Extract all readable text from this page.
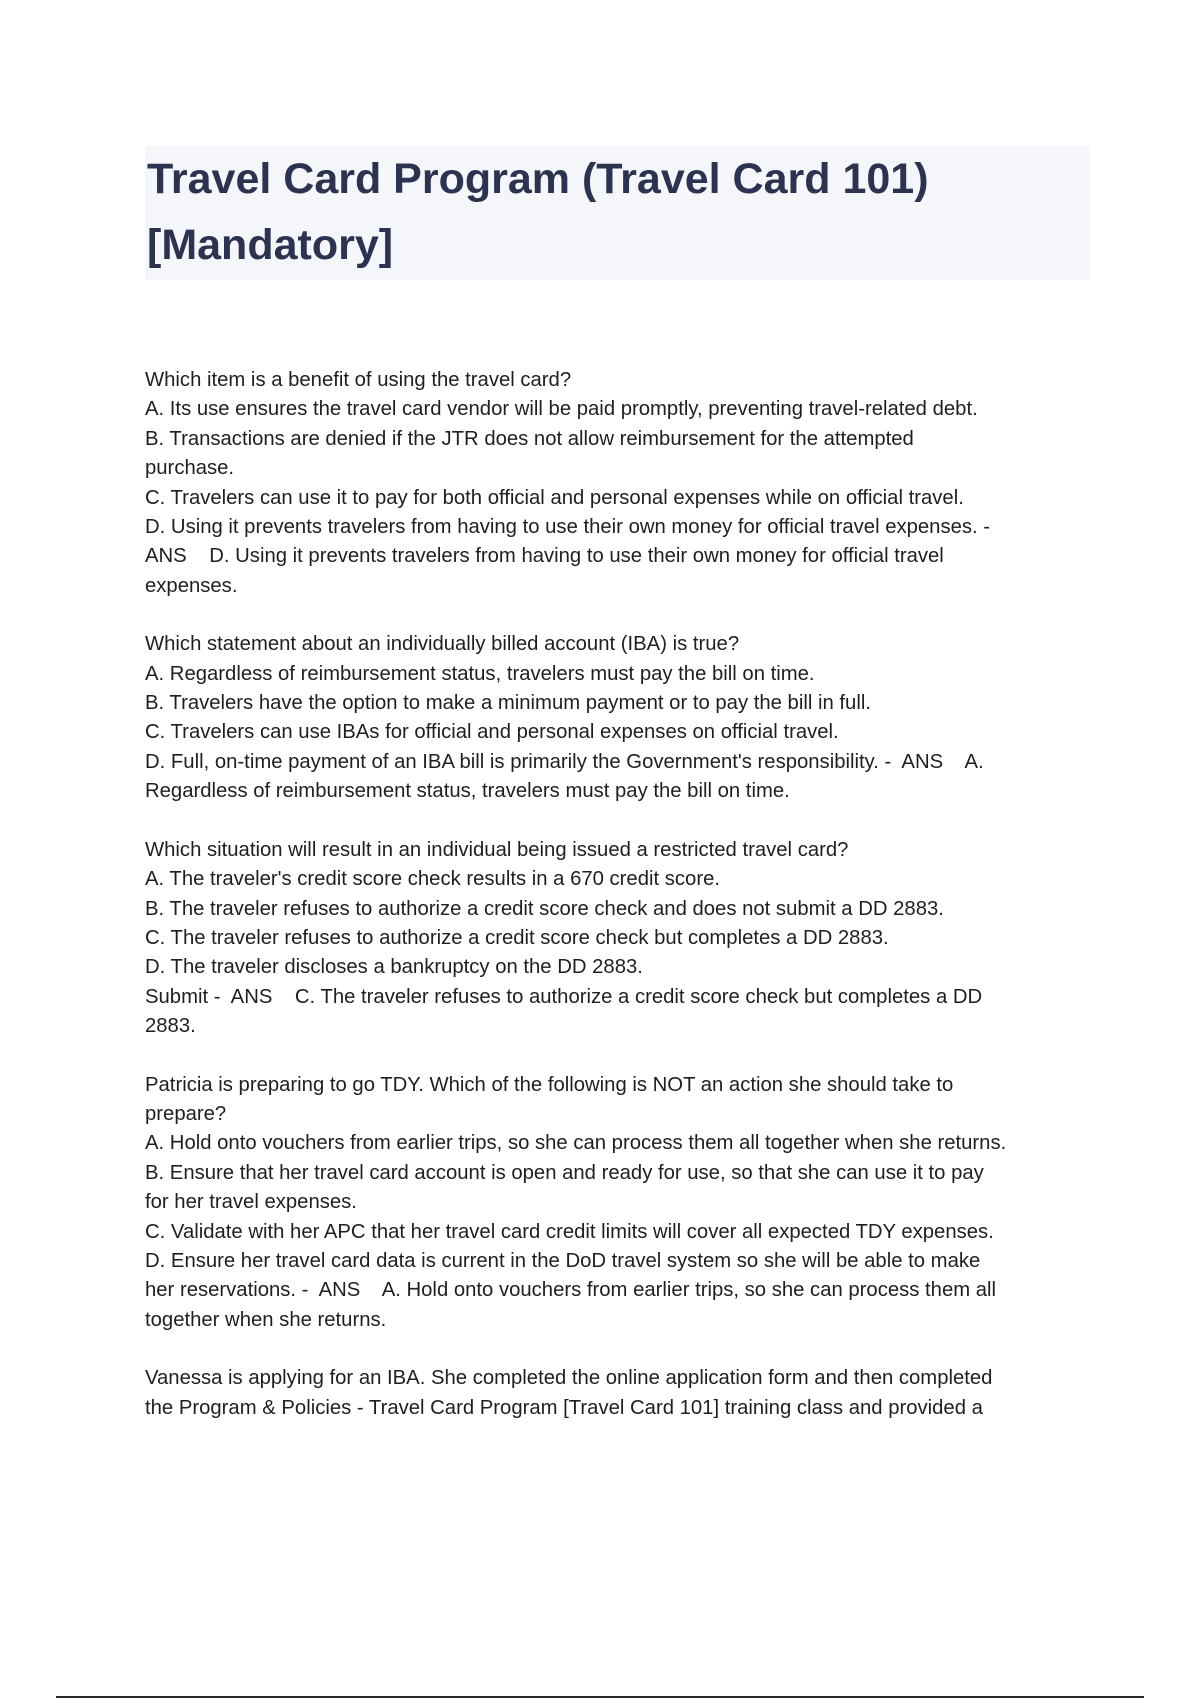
Travel Card Program (Travel Card 101)
[Mandatory]
Which item is a benefit of using the travel card?
A. Its use ensures the travel card vendor will be paid promptly, preventing travel-related debt.
B. Transactions are denied if the JTR does not allow reimbursement for the attempted
purchase.
C. Travelers can use it to pay for both official and personal expenses while on official travel.
D. Using it prevents travelers from having to use their own money for official travel expenses. -
ANS    D. Using it prevents travelers from having to use their own money for official travel
expenses.
Which statement about an individually billed account (IBA) is true?
A. Regardless of reimbursement status, travelers must pay the bill on time.
B. Travelers have the option to make a minimum payment or to pay the bill in full.
C. Travelers can use IBAs for official and personal expenses on official travel.
D. Full, on-time payment of an IBA bill is primarily the Government's responsibility. -  ANS    A.
Regardless of reimbursement status, travelers must pay the bill on time.
Which situation will result in an individual being issued a restricted travel card?
A. The traveler's credit score check results in a 670 credit score.
B. The traveler refuses to authorize a credit score check and does not submit a DD 2883.
C. The traveler refuses to authorize a credit score check but completes a DD 2883.
D. The traveler discloses a bankruptcy on the DD 2883.
Submit -  ANS    C. The traveler refuses to authorize a credit score check but completes a DD
2883.
Patricia is preparing to go TDY. Which of the following is NOT an action she should take to
prepare?
A. Hold onto vouchers from earlier trips, so she can process them all together when she returns.
B. Ensure that her travel card account is open and ready for use, so that she can use it to pay
for her travel expenses.
C. Validate with her APC that her travel card credit limits will cover all expected TDY expenses.
D. Ensure her travel card data is current in the DoD travel system so she will be able to make
her reservations. -  ANS    A. Hold onto vouchers from earlier trips, so she can process them all
together when she returns.
Vanessa is applying for an IBA. She completed the online application form and then completed
the Program & Policies - Travel Card Program [Travel Card 101] training class and provided a
